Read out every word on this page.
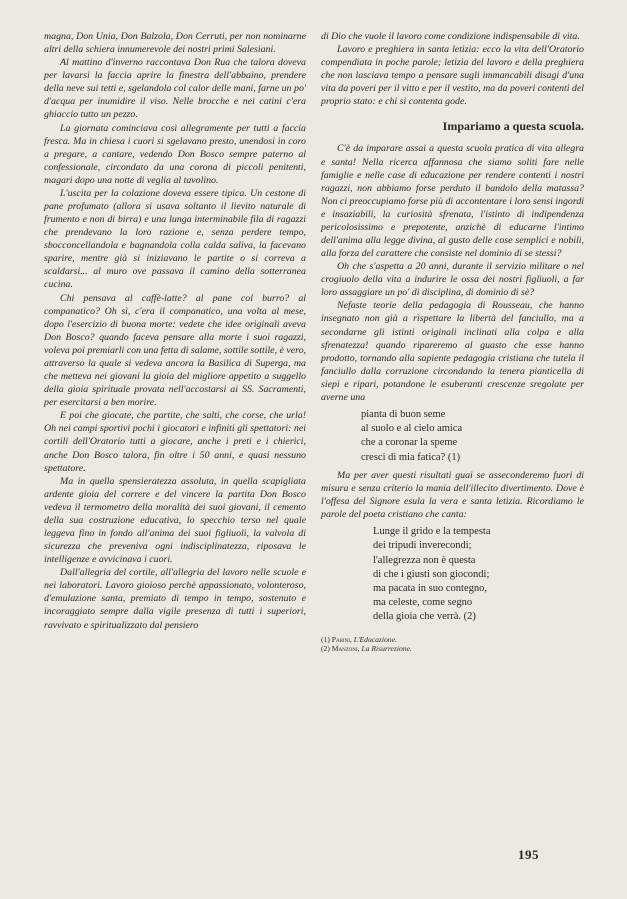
magna, Don Unia, Don Balzola, Don Cerruti, per non nominarne altri della schiera innumerevole dei nostri primi Salesiani.

Al mattino d'inverno raccontava Don Rua che talora doveva per lavarsi la faccia aprire la finestra dell'abbaino, prendere della neve sui tetti e, sgelandola col calor delle mani, farne un po' d'acqua per inumidire il viso. Nelle brocche e nei catini c'era ghiaccio tutto un pezzo.

La giornata cominciava così allegramente per tutti a faccia fresca. Ma in chiesa i cuori si sgelavano presto, unendosi in coro a pregare, a cantare, vedendo Don Bosco sempre paterno al confessionale, circondato da una corona di piccoli penitenti, magari dopo una notte di veglia al tavolino.

L'uscita per la colazione doveva essere tipica. Un cestone di pane profumato (allora si usava soltanto il lievito naturale di frumento e non di birra) e una lunga interminabile fila di ragazzi che prendevano la loro razione e, senza perdere tempo, sbocconcellandola e bagnandola colla calda saliva, la facevano sparire, mentre già si iniziavano le partite o si correva a scaldarsi... al muro ove passava il camino della sotterranea cucina.

Chi pensava al caffè-latte? al pane col burro? al companatico? Oh sì, c'era il companatico, una volta al mese, dopo l'esercizio di buona morte: vedete che idee originali aveva Don Bosco? quando faceva pensare alla morte i suoi ragazzi, voleva poi premiarli con una fetta di salame, sottile sottile, è vero, attraverso la quale si vedeva ancora la Basilica di Superga, ma che metteva nei giovani la gioia del migliore appetito a suggello della gioia spirituale provata nell'accostarsi ai SS. Sacramenti, per esercitarsi a ben morire.

E poi che giocate, che partite, che salti, che corse, che urla! Oh nei campi sportivi pochi i giocatori e infiniti gli spettatori: nei cortili dell'Oratorio tutti a giocare, anche i preti e i chierici, anche Don Bosco talora, fin oltre i 50 anni, e quasi nessuno spettatore.

Ma in quella spensieratezza assoluta, in quella scapigliata ardente gioia del correre e del vincere la partita Don Bosco vedeva il termometro della moralità dei suoi giovani, il cemento della sua costruzione educativa, lo specchio terso nel quale leggeva fino in fondo all'anima dei suoi figliuoli, la valvola di sicurezza che preveniva ogni indisciplinatezza, riposava le intelligenze e avvicinava i cuori.

Dall'allegria del cortile, all'allegria del lavoro nelle scuole e nei laboratori. Lavoro gioioso perchè appassionato, volonteroso, d'emulazione santa, premiato di tempo in tempo, sostenuto e incoraggiato sempre dalla vigile presenza di tutti i superiori, ravvivato e spiritualizzato dal pensiero

di Dio che vuole il lavoro come condizione indispensabile di vita.

Lavoro e preghiera in santa letizia: ecco la vita dell'Oratorio compendiata in poche parole; letizia del lavoro e della preghiera che non lasciava tempo a pensare sugli immancabili disagi d'una vita da poveri per il vitto e per il vestito, ma da poveri contenti del proprio stato: e chi si contenta gode.

Impariamo a questa scuola.

C'è da imparare assai a questa scuola pratica di vita allegra e santa! Nella ricerca affannosa che siamo soliti fare nelle famiglie e nelle case di educazione per rendere contenti i nostri ragazzi, non abbiamo forse perduto il bandolo della matassa? Non ci preoccupiamo forse più di accontentare i loro sensi ingordi e insaziabili, la curiosità sfrenata, l'istinto di indipendenza pericolosissimo e prepotente, anzichè di educarne l'intimo dell'anima alla legge divina, al gusto delle cose semplici e nobili, alla forza del carattere che consiste nel dominio di se stessi?

Oh che s'aspetta a 20 anni, durante il servizio militare o nel crogiuolo della vita a indurire le ossa dei nostri figliuoli, a far loro assaggiare un po' di disciplina, di dominio di sè?

Nefaste teorie della pedagogia di Rousseau, che hanno insegnato non già a rispettare la libertà del fanciullo, ma a secondarne gli istinti originali inclinati alla colpa e alla sfrenatezza! quando ripareremo al guasto che esse hanno prodotto, tornando alla sapiente pedagogia cristiana che tutela il fanciullo dalla corruzione circondando la tenera pianticella di siepi e ripari, potandone le esuberanti crescenze sregolate per averne una

pianta di buon seme
al suolo e al cielo amica
che a coronar la speme
cresci di mia fatica? (1)

Ma per aver questi risultati guai se asseconderemo fuori di misura e senza criterio la mania dell'illecito divertimento. Dove è l'offesa del Signore esula la vera e santa letizia. Ricordiamo le parole del poeta cristiano che canta:

Lunge il grido e la tempesta
dei tripudi inverecondi;
l'allegrezza non è questa
di che i giusti son giocondi;
ma pacata in suo contegno,
ma celeste, come segno
della gioia che verrà. (2)
(1) Parini, L'Educazione.
(2) Manzoni, La Risurrezione.
195
